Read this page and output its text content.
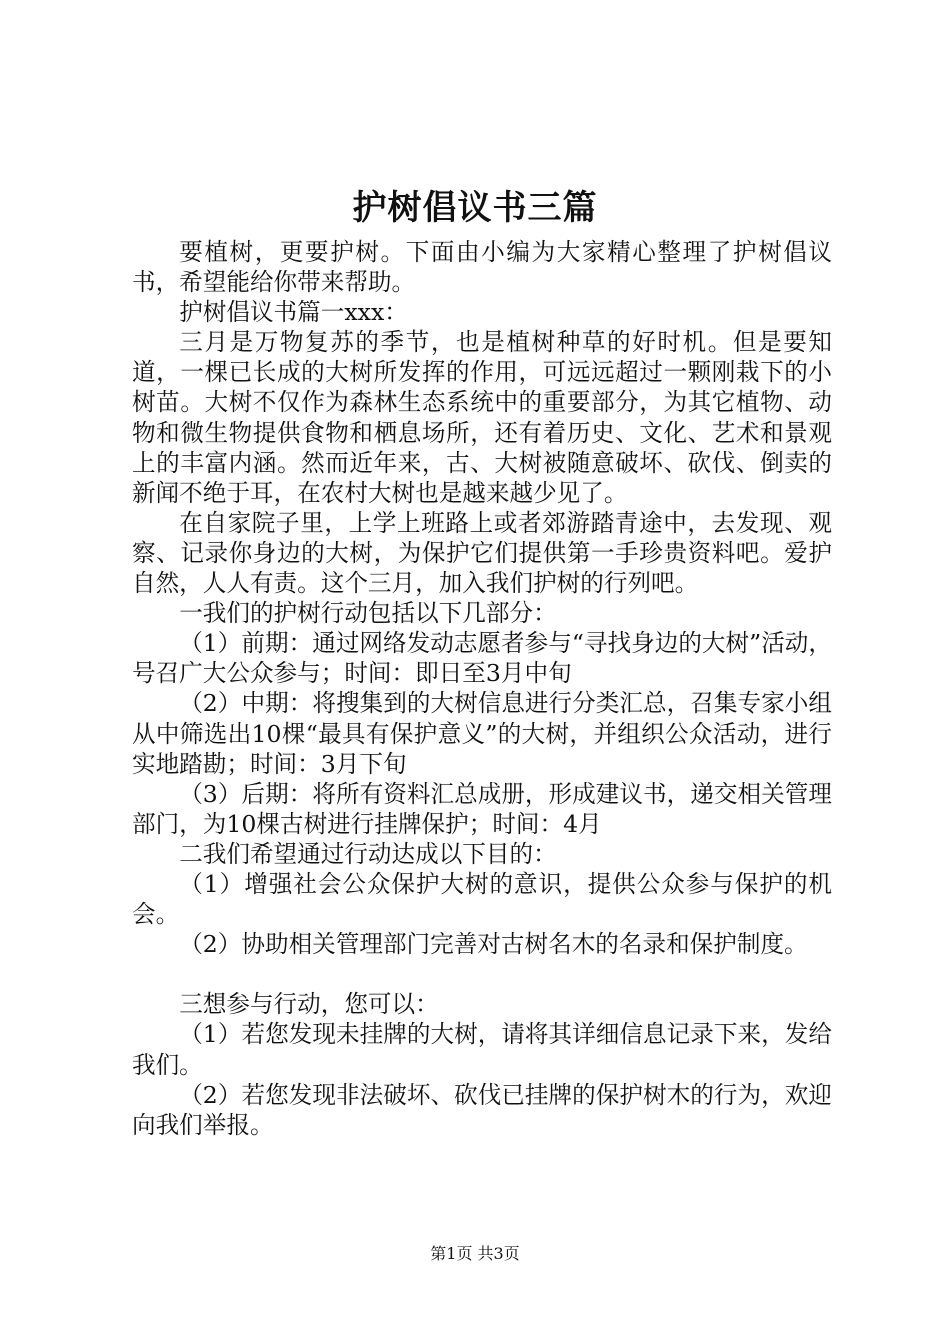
护树倡议书三篇

要植树，更要护树。下面由小编为大家精心整理了护树倡议书，希望能给你带来帮助。

护树倡议书篇一xxx：

三月是万物复苏的季节，也是植树种草的好时机。但是要知道，一棵已长成的大树所发挥的作用，可远远超过一颗刚栽下的小树苗。大树不仅作为森林生态系统中的重要部分，为其它植物、动物和微生物提供食物和栖息场所，还有着历史、文化、艺术和景观上的丰富内涵。然而近年来，古、大树被随意破坏、砍伐、倒卖的新闻不绝于耳，在农村大树也是越来越少见了。

在自家院子里，上学上班路上或者郊游踏青途中，去发现、观察、记录你身边的大树，为保护它们提供第一手珍贵资料吧。爱护自然，人人有责。这个三月，加入我们护树的行列吧。

一我们的护树行动包括以下几部分：

（1）前期：通过网络发动志愿者参与“寻找身边的大树”活动，号召广大公众参与；时间：即日至3月中旬

（2）中期：将搜集到的大树信息进行分类汇总，召集专家小组从中筛选出10棵“最具有保护意义”的大树，并组织公众活动，进行实地踏勘；时间：3月下旬

（3）后期：将所有资料汇总成册，形成建议书，递交相关管理部门，为10棵古树进行挂牌保护；时间：4月

二我们希望通过行动达成以下目的：

（1）增强社会公众保护大树的意识，提供公众参与保护的机会。

（2）协助相关管理部门完善对古树名木的名录和保护制度。

三想参与行动，您可以：

（1）若您发现未挂牌的大树，请将其详细信息记录下来，发给我们。

（2）若您发现非法破坏、砍伐已挂牌的保护树木的行为，欢迎向我们举报。

第1页 共3页
